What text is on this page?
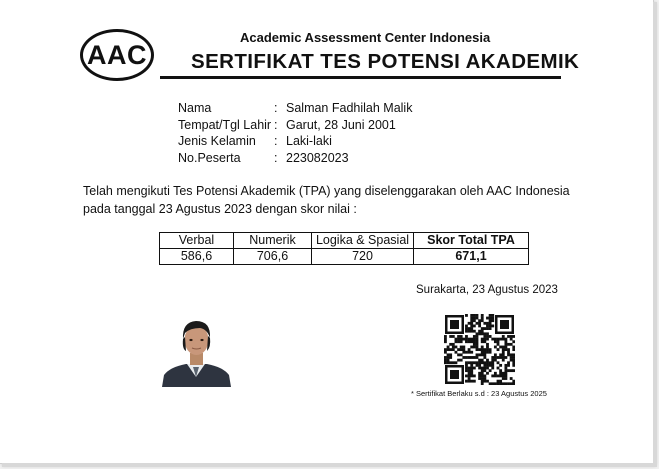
AAC
Academic Assessment Center Indonesia
SERTIFIKAT TES POTENSI AKADEMIK
Nama	: Salman Fadhilah Malik
Tempat/Tgl Lahir : Garut, 28 Juni 2001
Jenis Kelamin : Laki-laki
No.Peserta	: 223082023
Telah mengikuti Tes Potensi Akademik (TPA) yang diselenggarakan oleh AAC Indonesia
pada tanggal 23 Agustus 2023 dengan skor nilai :
Verbal	Numerik	Logika & Spasial	Skor Total TPA
586,6	706,6	720	671,1
Surakarta, 23 Agustus 2023
* Sertifikat Berlaku s.d : 23 Agustus 2025
